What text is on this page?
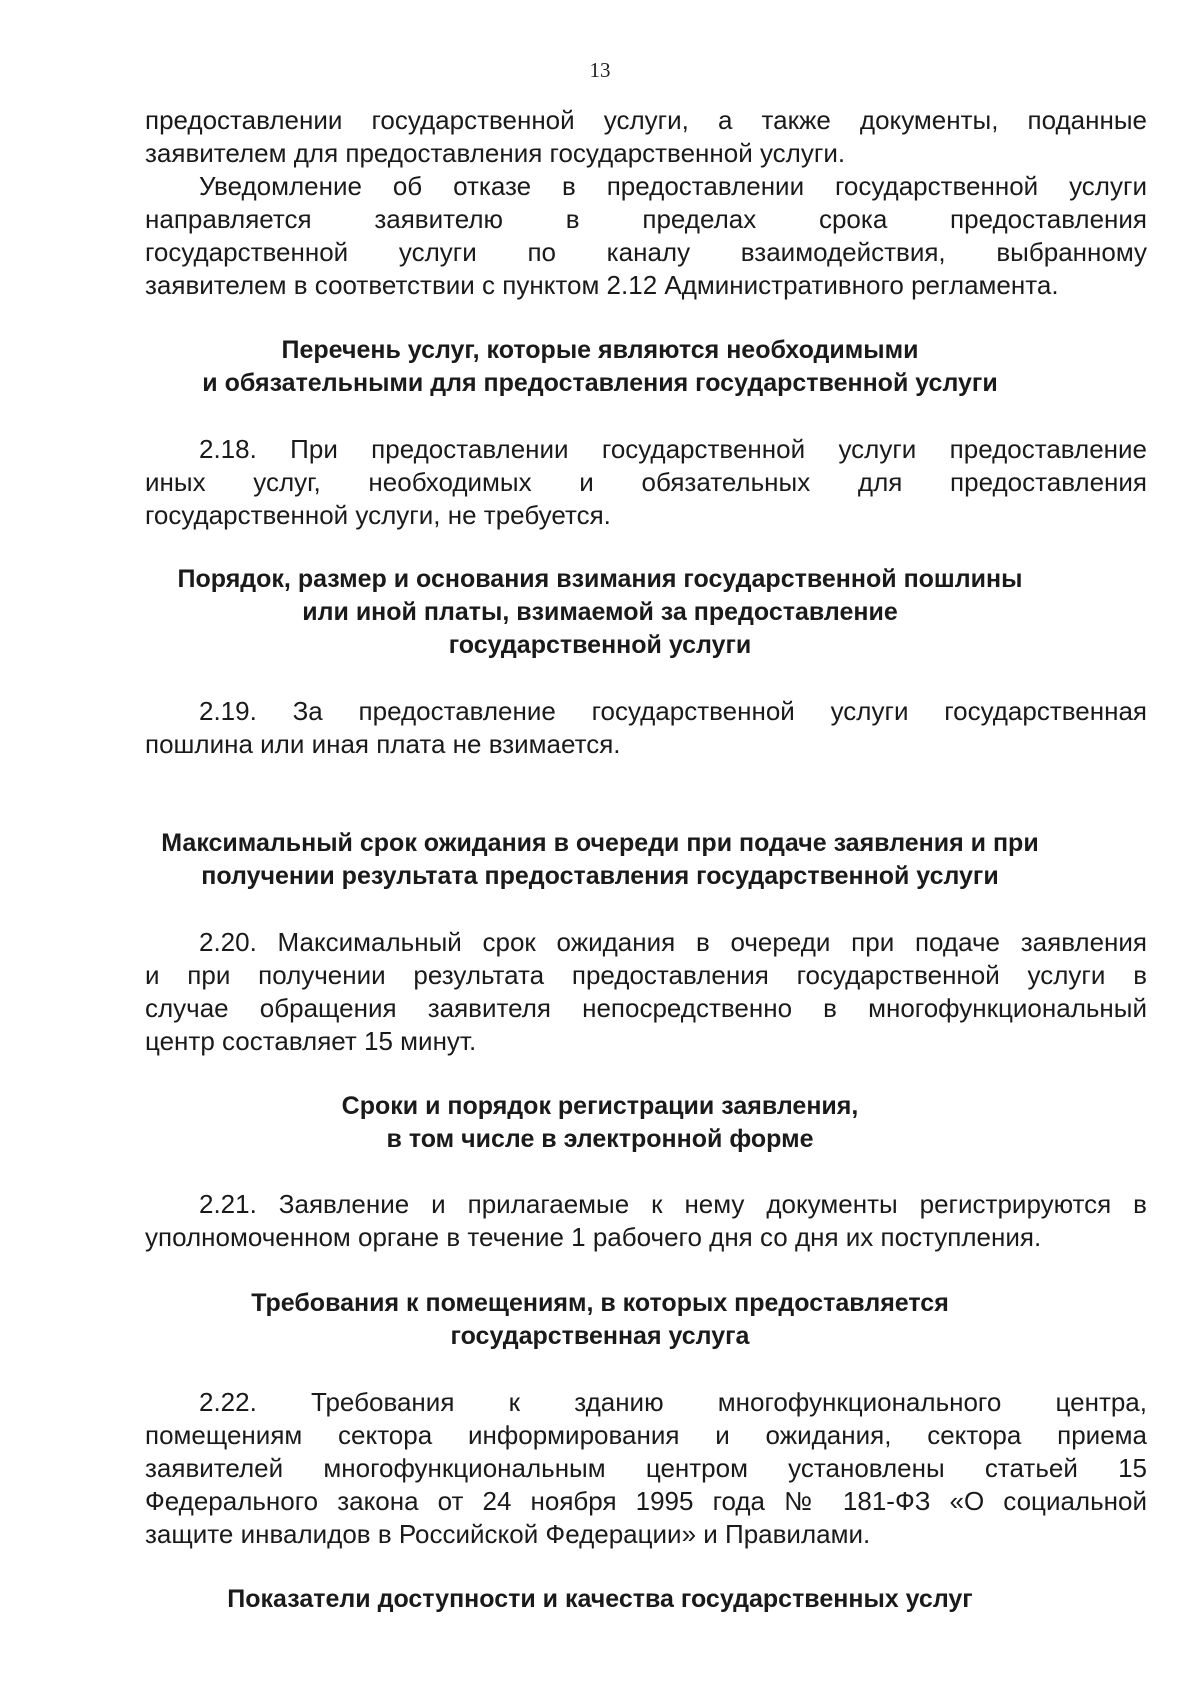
13
предоставлении государственной услуги, а также документы, поданные
заявителем для предоставления государственной услуги.
Уведомление об отказе в предоставлении государственной услуги
направляется заявителю в пределах срока предоставления
государственной услуги по каналу взаимодействия, выбранному
заявителем в соответствии с пунктом 2.12 Административного регламента.
Перечень услуг, которые являются необходимыми
и обязательными для предоставления государственной услуги
2.18. При предоставлении государственной услуги предоставление
иных услуг, необходимых и обязательных для предоставления
государственной услуги, не требуется.
Порядок, размер и основания взимания государственной пошлины
или иной платы, взимаемой за предоставление
государственной услуги
2.19. За предоставление государственной услуги государственная
пошлина или иная плата не взимается.
Максимальный срок ожидания в очереди при подаче заявления и при
получении результата предоставления государственной услуги
2.20. Максимальный срок ожидания в очереди при подаче заявления
и при получении результата предоставления государственной услуги в
случае обращения заявителя непосредственно в многофункциональный
центр составляет 15 минут.
Сроки и порядок регистрации заявления,
в том числе в электронной форме
2.21. Заявление и прилагаемые к нему документы регистрируются в
уполномоченном органе в течение 1 рабочего дня со дня их поступления.
Требования к помещениям, в которых предоставляется
государственная услуга
2.22. Требования к зданию многофункционального центра,
помещениям сектора информирования и ожидания, сектора приема
заявителей многофункциональным центром установлены статьей 15
Федерального закона от 24 ноября 1995 года № 181-ФЗ «О социальной
защите инвалидов в Российской Федерации» и Правилами.
Показатели доступности и качества государственных услуг
